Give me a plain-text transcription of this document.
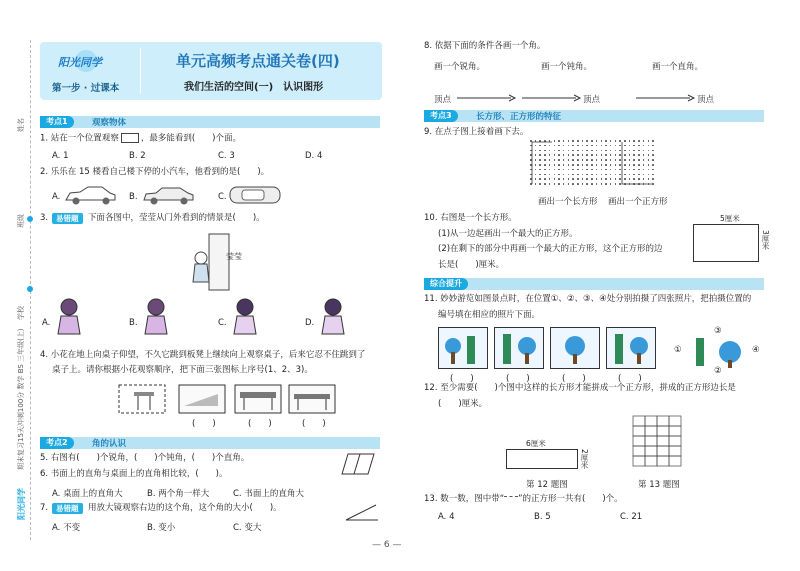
姓名
班级
学校
期末复习15天冲刺100分 数学 BS 三年级(上)
阳光同学
阳光同学
第一步 · 过课本
单元高频考点通关卷(四)
我们生活的空间(一)　认识图形
考点1	观察物体
1. 站在一个位置观察	，最多能看到(　　)个面。
A. 1	B. 2	C. 3	D. 4
2. 乐乐在 15 楼看自己楼下停的小汽车，他看到的是(　　)。
A.	B.	C.
3.	易错题	下面各图中，莹莹从门外看到的情景是(　　)。
莹莹
A.	B.	C.	D.
4. 小花在地上向桌子仰望，不久它跳到板凳上继续向上观察桌子，后来它忍不住跳到了
桌子上。请你根据小花观察顺序，把下面三张图标上序号(1、2、3)。
(　　)	(　　)	(　　)
考点2	角的认识
5. 右图有(　　)个锐角，(　　)个钝角，(　　)个直角。
6. 书面上的直角与桌面上的直角相比较，(　　)。
A. 桌面上的直角大	B. 两个角一样大	C. 书面上的直角大
7.	易错题	用放大镜观察右边的这个角，这个角的大小(　　)。
A. 不变	B. 变小	C. 变大
8. 依据下面的条件各画一个角。
画一个锐角。	画一个钝角。	画一个直角。
顶点	顶点	顶点
考点3	长方形、正方形的特征
9. 在点子图上接着画下去。
画出一个长方形 画出一个正方形
10. 右图是一个长方形。
(1)从一边起画出一个最大的正方形。
(2)在剩下的部分中再画一个最大的正方形，这个正方形的边
长是(　　)厘米。
5厘米
3厘米
综合提升
11. 妙妙游览如图景点时，在位置①、②、③、④处分别拍摄了四张照片，把拍摄位置的
编号填在相应的照片下面。
(　　)	(　　)	(　　)	(　　)
①
③
②
④
12. 至少需要(　　)个图中这样的长方形才能拼成一个正方形，拼成的正方形边长是
(　　)厘米。
6厘米
2厘米
第 12 题图	第 13 题图
13. 数一数，图中带“ ”的正方形一共有(　　)个。
A. 4	B. 5	C. 21
— 6 —
